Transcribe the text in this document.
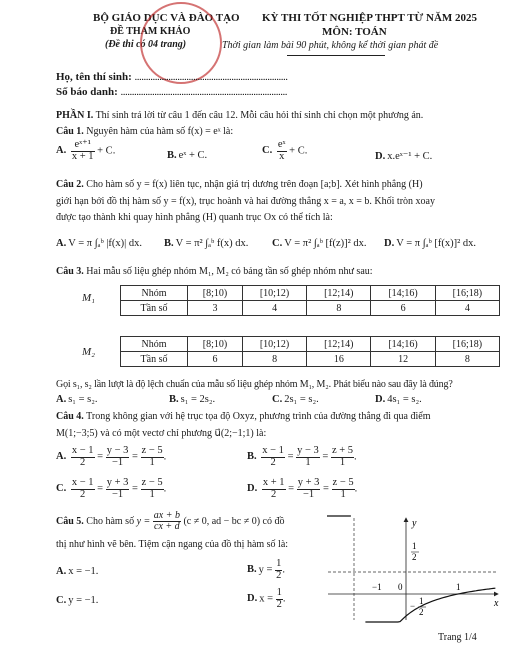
BỘ GIÁO DỤC VÀ ĐÀO TẠO
ĐỀ THAM KHẢO
(Đề thi có 04 trang)
KỲ THI TỐT NGHIỆP THPT TỪ NĂM 2025
MÔN: TOÁN
Thời gian làm bài 90 phút, không kể thời gian phát đề
Họ, tên thí sinh: ....................................................................
Số báo danh: ..........................................................................
PHẦN I. Thí sinh trả lời từ câu 1 đến câu 12. Mỗi câu hỏi thí sinh chỉ chọn một phương án.
Câu 1. Nguyên hàm của hàm số f(x) = eˣ là:
A. $\frac{\text{eˣ⁺¹}}{x + 1} + C$.	B. eˣ + C.	C. $\frac{\text{eˣ}}{x} + C$.
D. x.eˣ⁻¹ + C.
Câu 2. Cho hàm số y = f(x) liên tục, nhận giá trị dương trên đoạn [a;b]. Xét hình phẳng (H)
giới hạn bởi đồ thị hàm số y = f(x), trục hoành và hai đường thẳng x = a, x = b. Khối tròn xoay
được tạo thành khi quay hình phẳng (H) quanh trục Ox có thể tích là:
A. V = π ∫ₐᵇ |f(x)| dx. B. V = π² ∫ₐᵇ f(x) dx. C. V = π² ∫ₐᵇ [f(z)]² dx. D. V = π ∫ₐᵇ [f(x)]² dx.
Câu 3. Hai mẫu số liệu ghép nhóm M₁, M₂ có bảng tần số ghép nhóm như sau:
M₁	Nhóm	[8;10)	[10;12)	[12;14)	[14;16)	[16;18)
Tần số	3	4	8	6	4
M₂
Nhóm	[8;10)	[10;12)	[12;14)	[14;16)	[16;18)
Tần số	6	8	16	12	8
Gọi s₁, s₂ lần lượt là độ lệch chuẩn của mẫu số liệu ghép nhóm M₁, M₂. Phát biểu nào sau đây là đúng?
A. s₁ = s₂.	B. s₁ = 2s₂.	C. 2s₁ = s₂.	D. 4s₁ = s₂.
Câu 4. Trong không gian với hệ trục tọa độ Oxyz, phương trình của đường thẳng đi qua điểm
M(1;−3;5) và có một vectơ chỉ phương u⃗(2;−1;1) là:
A. $\frac{x - 1}{2} = \frac{y - 3}{-1} = \frac{z - 5}{1}$ .	B. $\frac{x - 1}{2} = \frac{y - 3}{1} = \frac{z + 5}{1}$ .
C. $\frac{x - 1}{2} = \frac{y + 3}{-1} = \frac{z - 5}{1}$ .	D. $\frac{x + 1}{2} = \frac{y + 3}{-1} = \frac{z - 5}{1}$ .
Câu 5. Cho hàm số $y = \frac{ax + b}{cx + d} (c \ne 0$, ad − bc ≠ 0) có đồ
thị như hình vẽ bên. Tiệm cận ngang của đồ thị hàm số là:
A. x = −1.	B. $y = \frac{1}{2}$ .
C. y = −1.	D. $x = \frac{1}{2}$ .
y
x
0
−1	1
1
2
− 1
2
Trang 1/4
